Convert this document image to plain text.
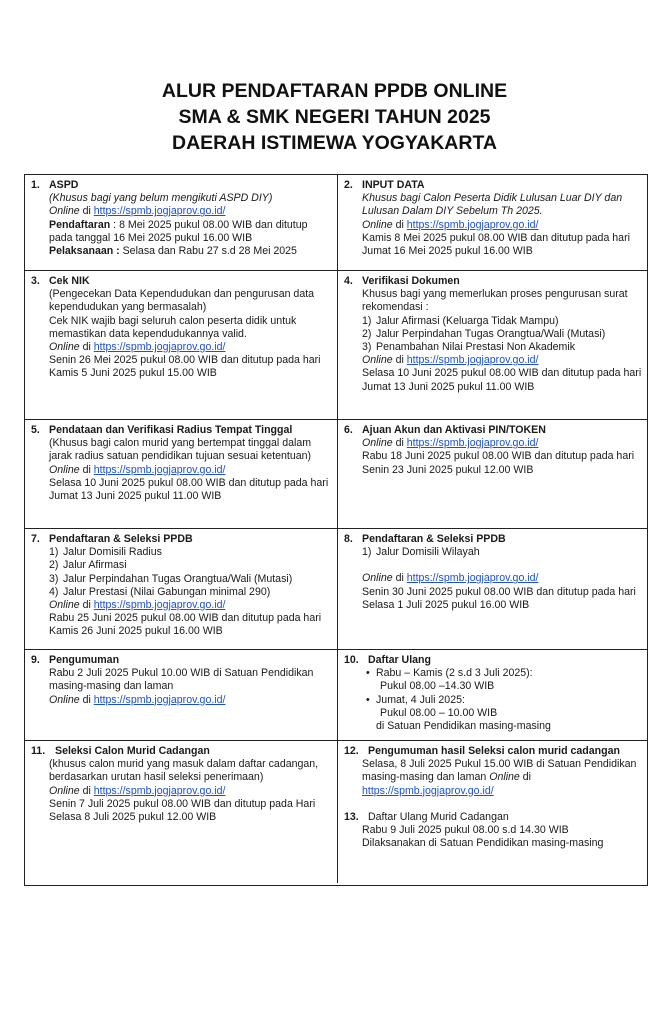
ALUR PENDAFTARAN PPDB ONLINE
SMA & SMK NEGERI TAHUN 2025
DAERAH ISTIMEWA YOGYAKARTA
1. ASPD
(Khusus bagi yang belum mengikuti ASPD DIY)
Online di https://spmb.jogjaprov.go.id/
Pendaftaran : 8 Mei 2025 pukul 08.00 WIB dan ditutup pada tanggal 16 Mei 2025 pukul 16.00 WIB
Pelaksanaan : Selasa dan Rabu 27 s.d 28 Mei 2025
2. INPUT DATA
Khusus bagi Calon Peserta Didik Lulusan Luar DIY dan Lulusan Dalam DIY Sebelum Th 2025.
Online di https://spmb.jogjaprov.go.id/
Kamis 8 Mei 2025 pukul 08.00 WIB dan ditutup pada hari Jumat 16 Mei 2025 pukul 16.00 WIB
3. Cek NIK
(Pengecekan Data Kependudukan dan pengurusan data kependudukan yang bermasalah)
Cek NIK wajib bagi seluruh calon peserta didik untuk memastikan data kependudukannya valid.
Online di https://spmb.jogjaprov.go.id/
Senin 26 Mei 2025 pukul 08.00 WIB dan ditutup pada hari Kamis 5 Juni 2025 pukul 15.00 WIB
4. Verifikasi Dokumen
Khusus bagi yang memerlukan proses pengurusan surat rekomendasi :
1) Jalur Afirmasi (Keluarga Tidak Mampu)
2) Jalur Perpindahan Tugas Orangtua/Wali (Mutasi)
3) Penambahan Nilai Prestasi Non Akademik
Online di https://spmb.jogjaprov.go.id/
Selasa 10 Juni 2025 pukul 08.00 WIB dan ditutup pada hari Jumat 13 Juni 2025 pukul 11.00 WIB
5. Pendataan dan Verifikasi Radius Tempat Tinggal
(Khusus bagi calon murid yang bertempat tinggal dalam jarak radius satuan pendidikan tujuan sesuai ketentuan)
Online di https://spmb.jogjaprov.go.id/
Selasa 10 Juni 2025 pukul 08.00 WIB dan ditutup pada hari Jumat 13 Juni 2025 pukul 11.00 WIB
6. Ajuan Akun dan Aktivasi PIN/TOKEN
Online di https://spmb.jogjaprov.go.id/
Rabu 18 Juni 2025 pukul 08.00 WIB dan ditutup pada hari Senin 23 Juni 2025 pukul 12.00 WIB
7. Pendaftaran & Seleksi PPDB
1) Jalur Domisili Radius
2) Jalur Afirmasi
3) Jalur Perpindahan Tugas Orangtua/Wali (Mutasi)
4) Jalur Prestasi (Nilai Gabungan minimal 290)
Online di https://spmb.jogjaprov.go.id/
Rabu 25 Juni 2025 pukul 08.00 WIB dan ditutup pada hari Kamis 26 Juni 2025 pukul 16.00 WIB
8. Pendaftaran & Seleksi PPDB
1) Jalur Domisili Wilayah
Online di https://spmb.jogjaprov.go.id/
Senin 30 Juni 2025 pukul 08.00 WIB dan ditutup pada hari Selasa 1 Juli 2025 pukul 16.00 WIB
9. Pengumuman
Rabu 2 Juli 2025 Pukul 10.00 WIB di Satuan Pendidikan masing-masing dan laman
Online di https://spmb.jogjaprov.go.id/
10. Daftar Ulang
• Rabu – Kamis (2 s.d 3 Juli 2025):
Pukul 08.00 –14.30 WIB
• Jumat, 4 Juli 2025:
Pukul 08.00 – 10.00 WIB
di Satuan Pendidikan masing-masing
11. Seleksi Calon Murid Cadangan
(khusus calon murid yang masuk dalam daftar cadangan, berdasarkan urutan hasil seleksi penerimaan)
Online di https://spmb.jogjaprov.go.id/
Senin 7 Juli 2025 pukul 08.00 WIB dan ditutup pada Hari Selasa 8 Juli 2025 pukul 12.00 WIB
12. Pengumuman hasil Seleksi calon murid cadangan
Selasa, 8 Juli 2025 Pukul 15.00 WIB di Satuan Pendidikan masing-masing dan laman Online di
https://spmb.jogjaprov.go.id/
13. Daftar Ulang Murid Cadangan
Rabu 9 Juli 2025 pukul 08.00 s.d 14.30 WIB
Dilaksanakan di Satuan Pendidikan masing-masing
